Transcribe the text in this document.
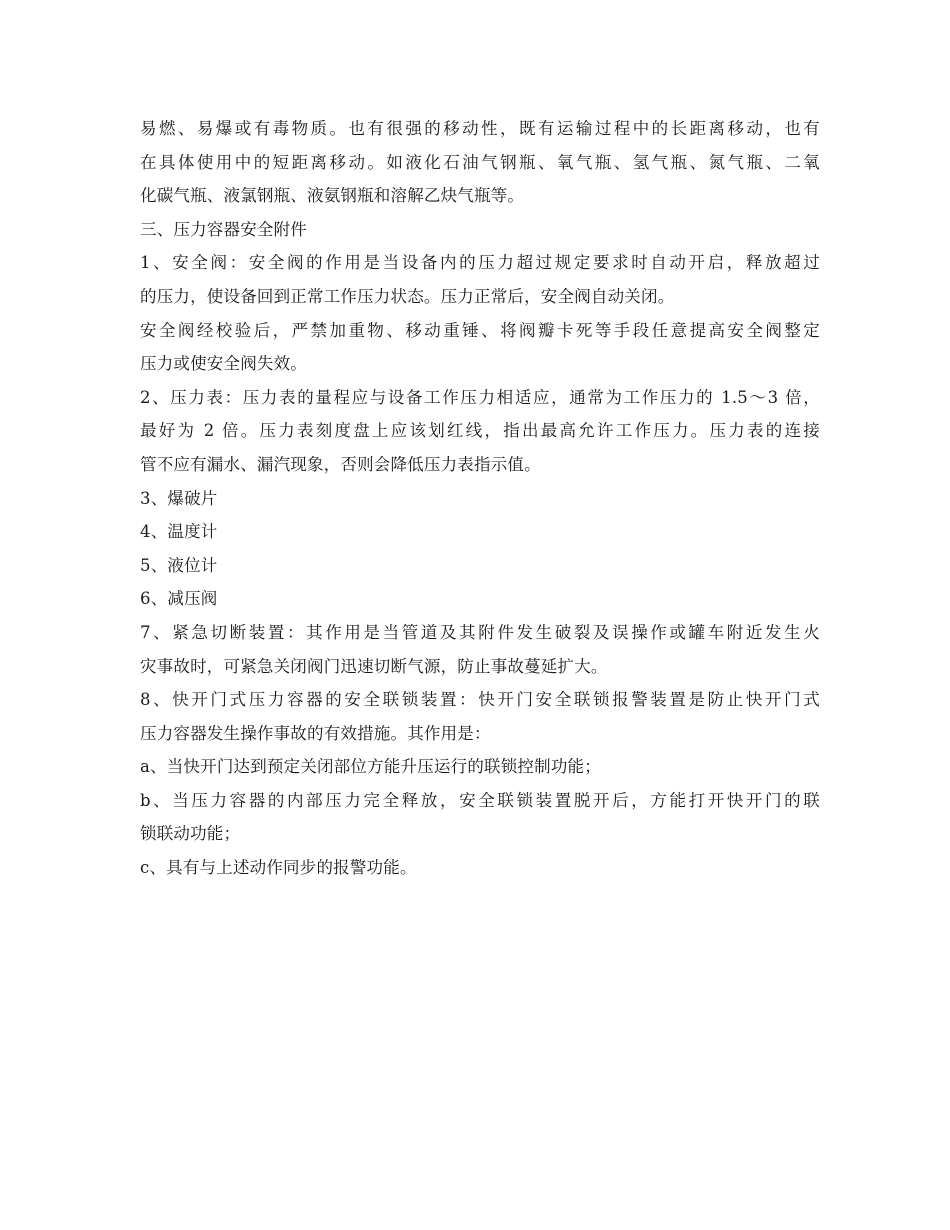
易燃、易爆或有毒物质。也有很强的移动性，既有运输过程中的长距离移动，也有
在具体使用中的短距离移动。如液化石油气钢瓶、氧气瓶、氢气瓶、氮气瓶、二氧
化碳气瓶、液氯钢瓶、液氨钢瓶和溶解乙炔气瓶等。
三、压力容器安全附件
1、安全阀：安全阀的作用是当设备内的压力超过规定要求时自动开启，释放超过
的压力，使设备回到正常工作压力状态。压力正常后，安全阀自动关闭。
安全阀经校验后，严禁加重物、移动重锤、将阀瓣卡死等手段任意提高安全阀整定
压力或使安全阀失效。
2、压力表：压力表的量程应与设备工作压力相适应，通常为工作压力的 1.5～3 倍，
最好为 2 倍。压力表刻度盘上应该划红线，指出最高允许工作压力。压力表的连接
管不应有漏水、漏汽现象，否则会降低压力表指示值。
3、爆破片
4、温度计
5、液位计
6、减压阀
7、紧急切断装置：其作用是当管道及其附件发生破裂及误操作或罐车附近发生火
灾事故时，可紧急关闭阀门迅速切断气源，防止事故蔓延扩大。
8、快开门式压力容器的安全联锁装置：快开门安全联锁报警装置是防止快开门式
压力容器发生操作事故的有效措施。其作用是：
a、当快开门达到预定关闭部位方能升压运行的联锁控制功能；
b、当压力容器的内部压力完全释放，安全联锁装置脱开后，方能打开快开门的联
锁联动功能；
c、具有与上述动作同步的报警功能。
